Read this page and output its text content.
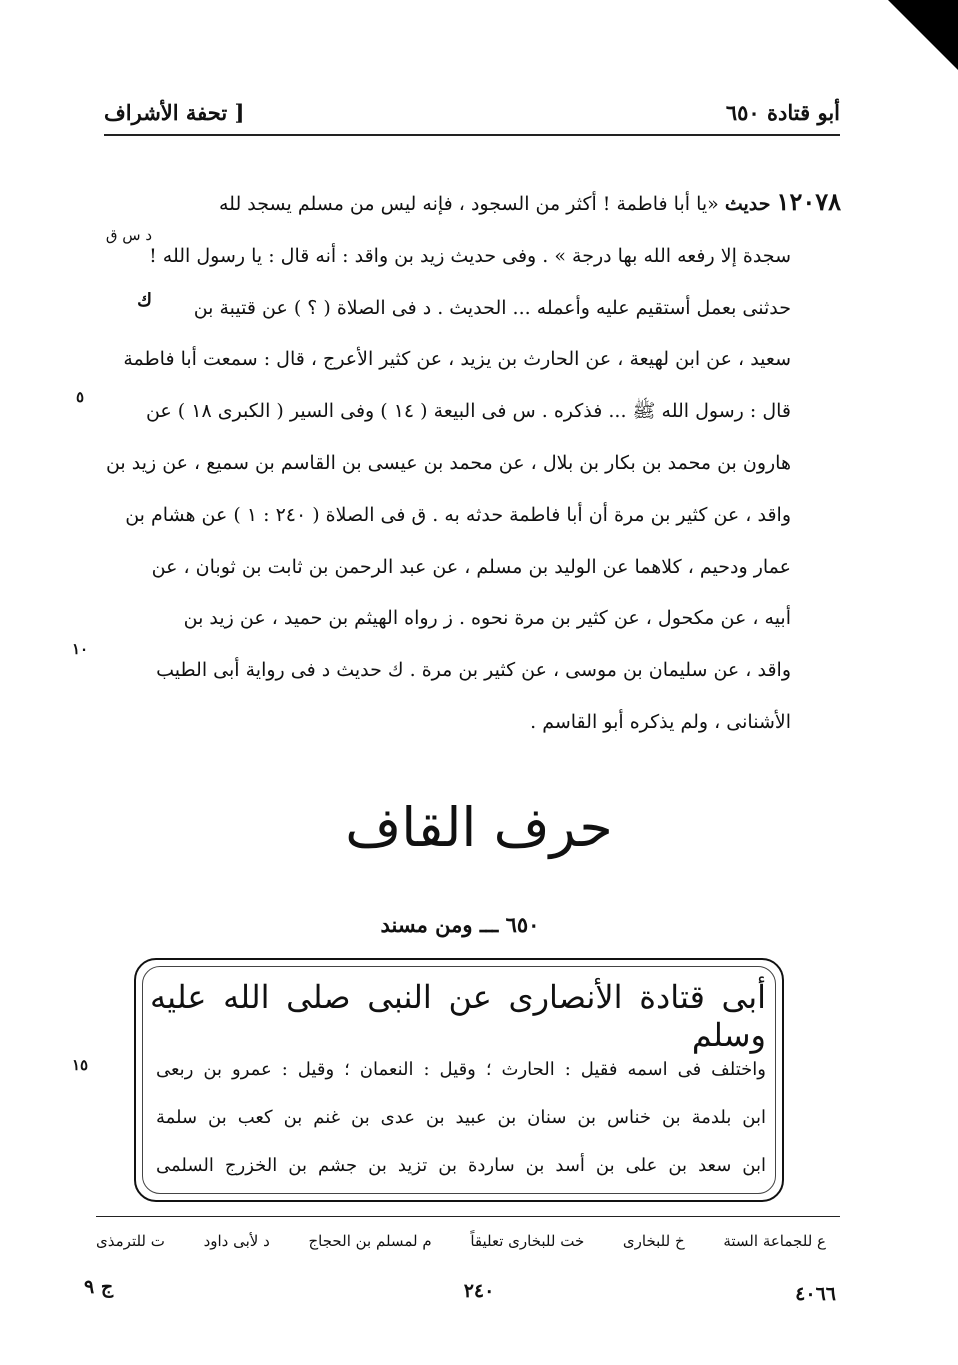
أبو قتادة ٦٥٠
[ تحفة الأشراف
١٢٠٧٨ حديث «يا أبا فاطمة ! أكثر من السجود ، فإنه ليس من مسلم يسجد لله
سجدة إلا رفعه الله بها درجة » . وفى حديث زيد بن واقد : أنه قال : يا رسول الله !
حدثنى بعمل أستقيم عليه وأعمله ... الحديث . د فى الصلاة ( ؟ ) عن قتيبة بن
سعيد ، عن ابن لهيعة ، عن الحارث بن يزيد ، عن كثير الأعرج ، قال : سمعت أبا فاطمة
قال : رسول الله ﷺ ... فذكره . س فى البيعة ( ١٤ ) وفى السير ( الكبرى ١٨ ) عن
هارون بن محمد بن بكار بن بلال ، عن محمد بن عيسى بن القاسم بن سميع ، عن زيد بن
واقد ، عن كثير بن مرة أن أبا فاطمة حدثه به . ق فى الصلاة ( ٢٤٠ : ١ ) عن هشام بن
عمار ودحيم ، كلاهما عن الوليد بن مسلم ، عن عبد الرحمن بن ثابت بن ثوبان ، عن
أبيه ، عن مكحول ، عن كثير بن مرة نحوه . ز رواه الهيثم بن حميد ، عن زيد بن
واقد ، عن سليمان بن موسى ، عن كثير بن مرة . ك حديث د فى رواية أبى الطيب
الأشنانى ، ولم يذكره أبو القاسم .
د س ق
ك
٥
١٠
١٥
حرف القاف
٦٥٠ ـــ ومن مسند
أبى قتادة الأنصارى عن النبى صلى الله عليه وسلم
واختلف فى اسمه فقيل : الحارث ؛ وقيل : النعمان ؛ وقيل : عمرو بن ربعى
ابن بلدمة بن خناس بن سنان بن عبيد بن عدى بن غنم بن كعب بن سلمة
ابن سعد بن على بن أسد بن ساردة بن تزيد بن جشم بن الخزرج السلمى
ع للجماعة الستة
خ للبخارى
خت للبخارى تعليقاً
م لمسلم بن الحجاج
د لأبى داود
ت للترمذى
٤٠٦٦
٢٤٠
ج ٩
